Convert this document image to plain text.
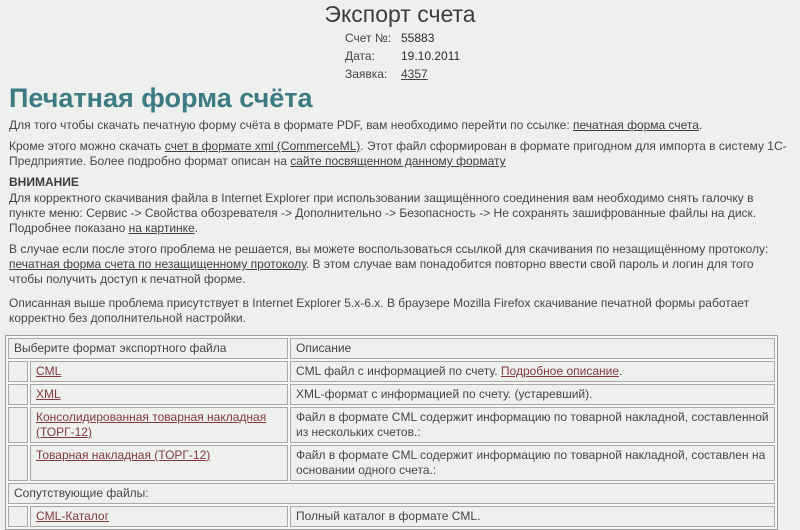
Экспорт счета
Счет №: 55883
Дата:	19.10.2011
Заявка:	4357
Печатная форма счёта

Для того чтобы скачать печатную форму счёта в формате PDF, вам необходимо перейти по ссылке: печатная форма счета.

Кроме этого можно скачать счет в формате xml (CommerceML). Этот файл сформирован в формате пригодном для импорта в систему 1С-Предприятие. Более подробно формат описан на сайте посвященном данному формату

ВНИМАНИЕ

Для корректного скачивания файла в Internet Explorer при использовании защищённого соединения вам необходимо снять галочку в пункте меню: Сервис -> Свойства обозревателя -> Дополнительно -> Безопасность -> Не сохранять зашифрованные файлы на диск. Подробнее показано на картинке.

В случае если после этого проблема не решается, вы можете воспользоваться ссылкой для скачивания по незащищённому протоколу: печатная форма счета по незащищенному протоколу. В этом случае вам понадобится повторно ввести свой пароль и логин для того чтобы получить доступ к печатной форме.

Описанная выше проблема присутствует в Internet Explorer 5.x-6.x. В браузере Mozilla Firefox скачивание печатной формы работает корректно без дополнительной настройки.

Выберите формат экспортного файла		Описание
	CML	CML файл с информацией по счету. Подробное описание.
	XML	XML-формат с информацией по счету. (устаревший).
	Консолидированная товарная накладная (ТОРГ-12)	Файл в формате CML содержит информацию по товарной накладной, составленной из нескольких счетов.:
	Товарная накладная (ТОРГ-12)	Файл в формате CML содержит информацию по товарной накладной, составлен на основании одного счета.:
Сопутствующие файлы:		
	CML-Каталог	Полный каталог в формате CML.
